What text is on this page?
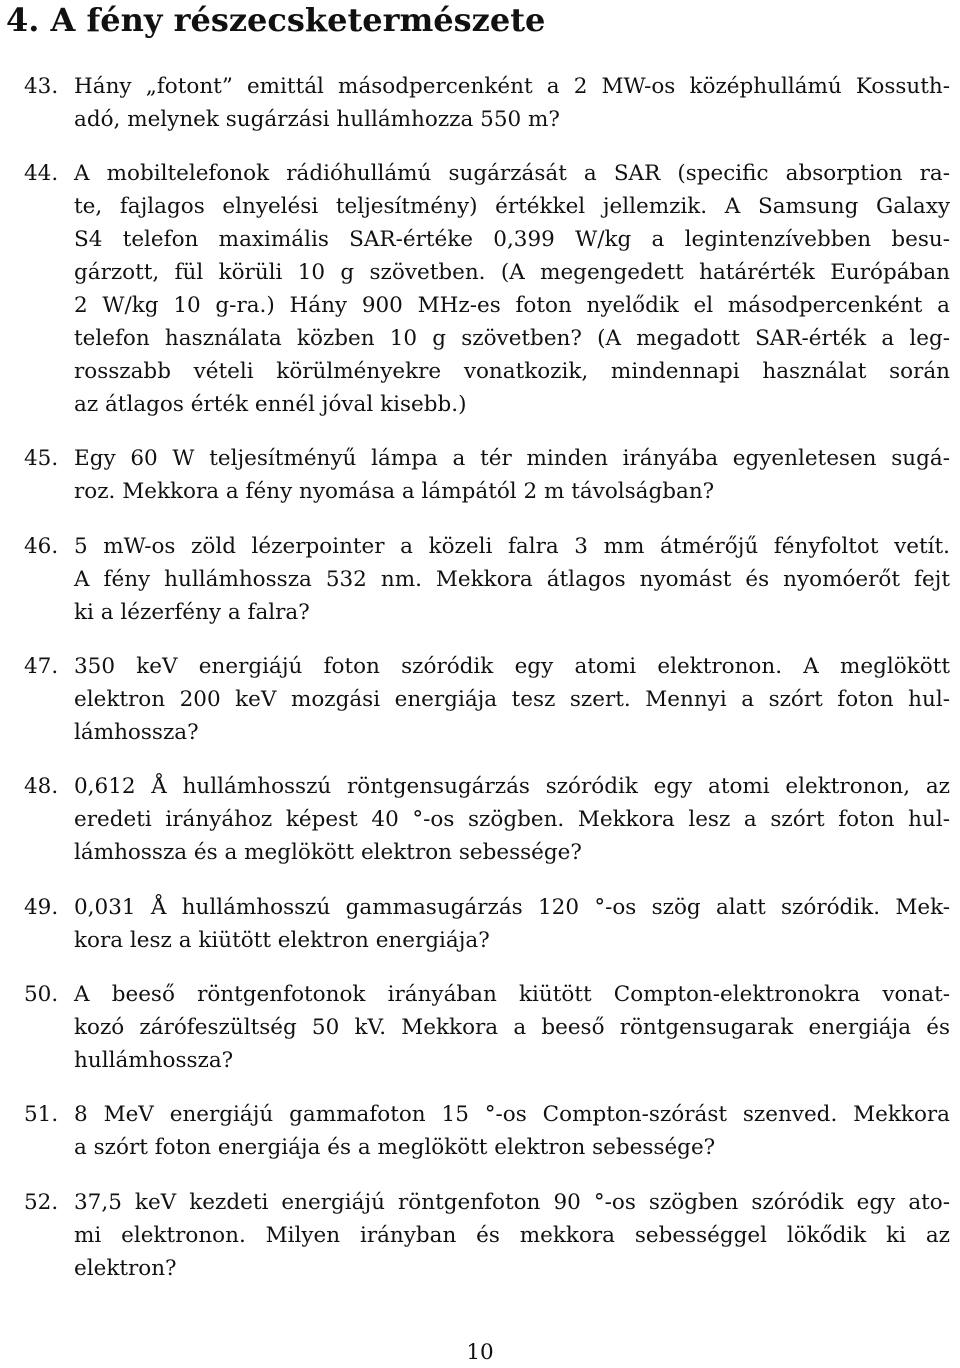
4. A fény részecsketermészete
43. Hány „fotont” emittál másodpercenként a 2 MW-os középhullámú Kossuth-
adó, melynek sugárzási hullámhozza 550 m?
44. A mobiltelefonok rádióhullámú sugárzását a SAR (specific absorption ra-
te, fajlagos elnyelési teljesítmény) értékkel jellemzik. A Samsung Galaxy
S4 telefon maximális SAR-értéke 0,399 W/kg a legintenzívebben besu-
gárzott, fül körüli 10 g szövetben. (A megengedett határérték Európában
2 W/kg 10 g-ra.) Hány 900 MHz-es foton nyelődik el másodpercenként a
telefon használata közben 10 g szövetben? (A megadott SAR-érték a leg-
rosszabb vételi körülményekre vonatkozik, mindennapi használat során
az átlagos érték ennél jóval kisebb.)
45. Egy 60 W teljesítményű lámpa a tér minden irányába egyenletesen sugá-
roz. Mekkora a fény nyomása a lámpától 2 m távolságban?
46. 5 mW-os zöld lézerpointer a közeli falra 3 mm átmérőjű fényfoltot vetít.
A fény hullámhossza 532 nm. Mekkora átlagos nyomást és nyomóerőt fejt
ki a lézerfény a falra?
47. 350 keV energiájú foton szóródik egy atomi elektronon. A meglökött
elektron 200 keV mozgási energiája tesz szert. Mennyi a szórt foton hul-
lámhossza?
48. 0,612 Å hullámhosszú röntgensugárzás szóródik egy atomi elektronon, az
eredeti irányához képest 40 °-os szögben. Mekkora lesz a szórt foton hul-
lámhossza és a meglökött elektron sebessége?
49. 0,031 Å hullámhosszú gammasugárzás 120 °-os szög alatt szóródik. Mek-
kora lesz a kiütött elektron energiája?
50. A beeső röntgenfotonok irányában kiütött Compton-elektronokra vonat-
kozó zárófeszültség 50 kV. Mekkora a beeső röntgensugarak energiája és
hullámhossza?
51. 8 MeV energiájú gammafoton 15 °-os Compton-szórást szenved. Mekkora
a szórt foton energiája és a meglökött elektron sebessége?
52. 37,5 keV kezdeti energiájú röntgenfoton 90 °-os szögben szóródik egy ato-
mi elektronon. Milyen irányban és mekkora sebességgel lökődik ki az
elektron?
10
